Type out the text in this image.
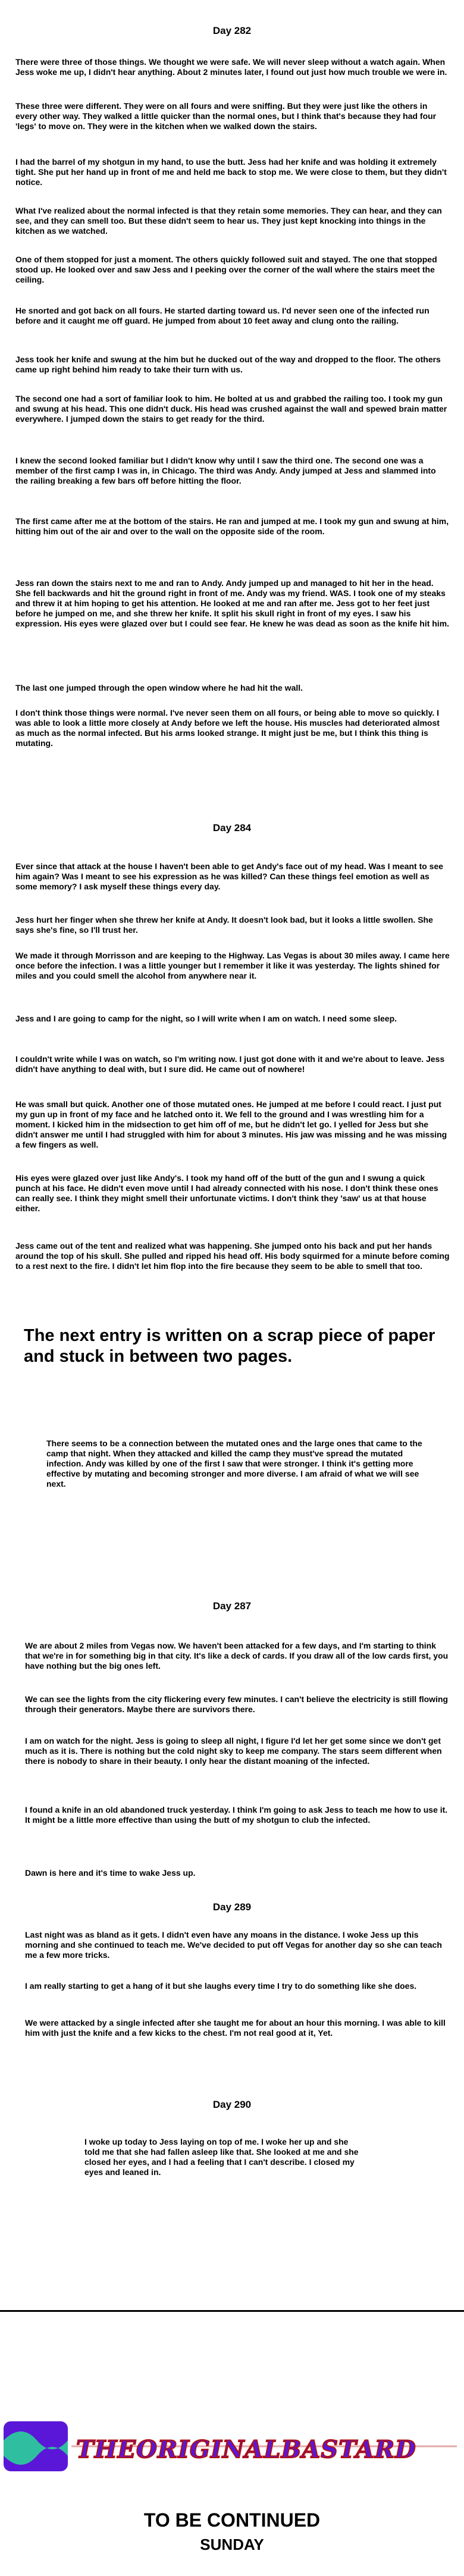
Day 282

There were three of those things. We thought we were safe. We will never sleep without a watch again. When Jess woke me up, I didn't hear anything. About 2 minutes later, I found out just how much trouble we were in.

These three were different. They were on all fours and were sniffing. But they were just like the others in every other way. They walked a little quicker than the normal ones, but I think that's because they had four 'legs' to move on. They were in the kitchen when we walked down the stairs.

I had the barrel of my shotgun in my hand, to use the butt. Jess had her knife and was holding it extremely tight. She put her hand up in front of me and held me back to stop me. We were close to them, but they didn't notice.

What I've realized about the normal infected is that they retain some memories. They can hear, and they can see, and they can smell too. But these didn't seem to hear us. They just kept knocking into things in the kitchen as we watched.

One of them stopped for just a moment. The others quickly followed suit and stayed. The one that stopped stood up. He looked over and saw Jess and I peeking over the corner of the wall where the stairs meet the ceiling.

He snorted and got back on all fours. He started darting toward us. I'd never seen one of the infected run before and it caught me off guard. He jumped from about 10 feet away and clung onto the railing.

Jess took her knife and swung at the him but he ducked out of the way and dropped to the floor. The others came up right behind him ready to take their turn with us.

The second one had a sort of familiar look to him. He bolted at us and grabbed the railing too. I took my gun and swung at his head. This one didn't duck. His head was crushed against the wall and spewed brain matter everywhere. I jumped down the stairs to get ready for the third.

I knew the second looked familiar but I didn't know why until I saw the third one. The second one was a member of the first camp I was in, in Chicago. The third was Andy. Andy jumped at Jess and slammed into the railing breaking a few bars off before hitting the floor.

The first came after me at the bottom of the stairs. He ran and jumped at me. I took my gun and swung at him, hitting him out of the air and over to the wall on the opposite side of the room.

Jess ran down the stairs next to me and ran to Andy. Andy jumped up and managed to hit her in the head. She fell backwards and hit the ground right in front of me. Andy was my friend. WAS. I took one of my steaks and threw it at him hoping to get his attention. He looked at me and ran after me. Jess got to her feet just before he jumped on me, and she threw her knife. It split his skull right in front of my eyes. I saw his expression. His eyes were glazed over but I could see fear. He knew he was dead as soon as the knife hit him.

The last one jumped through the open window where he had hit the wall.

I don't think those things were normal. I've never seen them on all fours, or being able to move so quickly. I was able to look a little more closely at Andy before we left the house. His muscles had deteriorated almost as much as the normal infected. But his arms looked strange. It might just be me, but I think this thing is mutating.

Day 284

Ever since that attack at the house I haven't been able to get Andy's face out of my head. Was I meant to see him again? Was I meant to see his expression as he was killed? Can these things feel emotion as well as some memory? I ask myself these things every day.

Jess hurt her finger when she threw her knife at Andy. It doesn't look bad, but it looks a little swollen. She says she's fine, so I'll trust her.

We made it through Morrisson and are keeping to the Highway. Las Vegas is about 30 miles away. I came here once before the infection. I was a little younger but I remember it like it was yesterday. The lights shined for miles and you could smell the alcohol from anywhere near it.

Jess and I are going to camp for the night, so I will write when I am on watch. I need some sleep.

I couldn't write while I was on watch, so I'm writing now. I just got done with it and we're about to leave. Jess didn't have anything to deal with, but I sure did. He came out of nowhere!

He was small but quick. Another one of those mutated ones. He jumped at me before I could react. I just put my gun up in front of my face and he latched onto it. We fell to the ground and I was wrestling him for a moment. I kicked him in the midsection to get him off of me, but he didn't let go. I yelled for Jess but she didn't answer me until I had struggled with him for about 3 minutes. His jaw was missing and he was missing a few fingers as well.

His eyes were glazed over just like Andy's. I took my hand off of the butt of the gun and I swung a quick punch at his face. He didn't even move until I had already connected with his nose. I don't think these ones can really see. I think they might smell their unfortunate victims. I don't think they 'saw' us at that house either.

Jess came out of the tent and realized what was happening. She jumped onto his back and put her hands around the top of his skull. She pulled and ripped his head off. His body squirmed for a minute before coming to a rest next to the fire. I didn't let him flop into the fire because they seem to be able to smell that too.

The next entry is written on a scrap piece of paper and stuck in between two pages.

There seems to be a connection between the mutated ones and the large ones that came to the camp that night. When they attacked and killed the camp they must've spread the mutated infection. Andy was killed by one of the first I saw that were stronger. I think it's getting more effective by mutating and becoming stronger and more diverse. I am afraid of what we will see next.

Day 287

We are about 2 miles from Vegas now. We haven't been attacked for a few days, and I'm starting to think that we're in for something big in that city. It's like a deck of cards. If you draw all of the low cards first, you have nothing but the big ones left.

We can see the lights from the city flickering every few minutes. I can't believe the electricity is still flowing through their generators. Maybe there are survivors there.

I am on watch for the night. Jess is going to sleep all night, I figure I'd let her get some since we don't get much as it is. There is nothing but the cold night sky to keep me company. The stars seem different when there is nobody to share in their beauty. I only hear the distant moaning of the infected.

I found a knife in an old abandoned truck yesterday. I think I'm going to ask Jess to teach me how to use it. It might be a little more effective than using the butt of my shotgun to club the infected.

Dawn is here and it's time to wake Jess up.

Day 289

Last night was as bland as it gets. I didn't even have any moans in the distance. I woke Jess up this morning and she continued to teach me. We've decided to put off Vegas for another day so she can teach me a few more tricks.

I am really starting to get a hang of it but she laughs every time I try to do something like she does.

We were attacked by a single infected after she taught me for about an hour this morning. I was able to kill him with just the knife and a few kicks to the chest. I'm not real good at it, Yet.

Day 290

I woke up today to Jess laying on top of me. I woke her up and she told me that she had fallen asleep like that. She looked at me and she closed her eyes, and I had a feeling that I can't describe. I closed my eyes and leaned in.

THEORIGINALBASTARD
TO BE CONTINUED
SUNDAY
